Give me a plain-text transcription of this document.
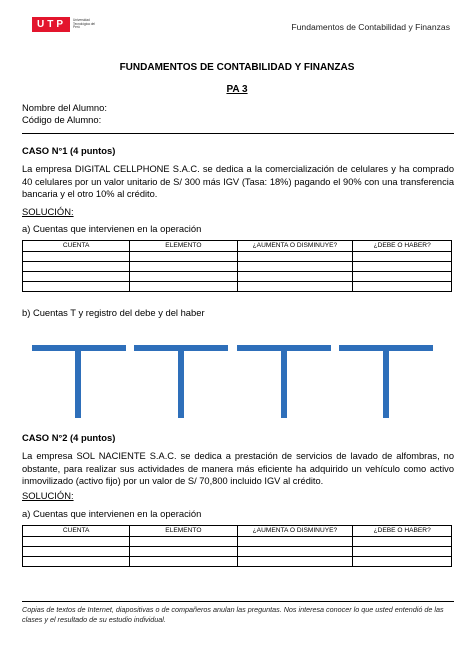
UTP	Universidad Tecnológica del Perú	Fundamentos de Contabilidad y Finanzas
FUNDAMENTOS DE CONTABILIDAD Y FINANZAS
PA 3
Nombre del Alumno:
Código de Alumno:
CASO N°1 (4 puntos)
La empresa DIGITAL CELLPHONE S.A.C. se dedica a la comercialización de celulares y ha comprado 40 celulares por un valor unitario de S/ 300 más IGV (Tasa: 18%) pagando el 90% con una transferencia bancaria y el otro 10% al crédito.
SOLUCIÓN:
a) Cuentas que intervienen en la operación
CUENTA	ELEMENTO	¿AUMENTA O DISMINUYE?	¿DEBE O HABER?

b) Cuentas T y registro del debe y del haber
CASO N°2 (4 puntos)
La empresa SOL NACIENTE S.A.C. se dedica a prestación de servicios de lavado de alfombras, no obstante, para realizar sus actividades de manera más eficiente ha adquirido un vehículo como activo inmovilizado (activo fijo) por un valor de S/ 70,800 incluido IGV al crédito.
SOLUCIÓN:
a) Cuentas que intervienen en la operación
CUENTA	ELEMENTO	¿AUMENTA O DISMINUYE?	¿DEBE O HABER?

Copias de textos de Internet, diapositivas o de compañeros anulan las preguntas. Nos interesa conocer lo que usted entendió de las clases y el resultado de su estudio individual.
